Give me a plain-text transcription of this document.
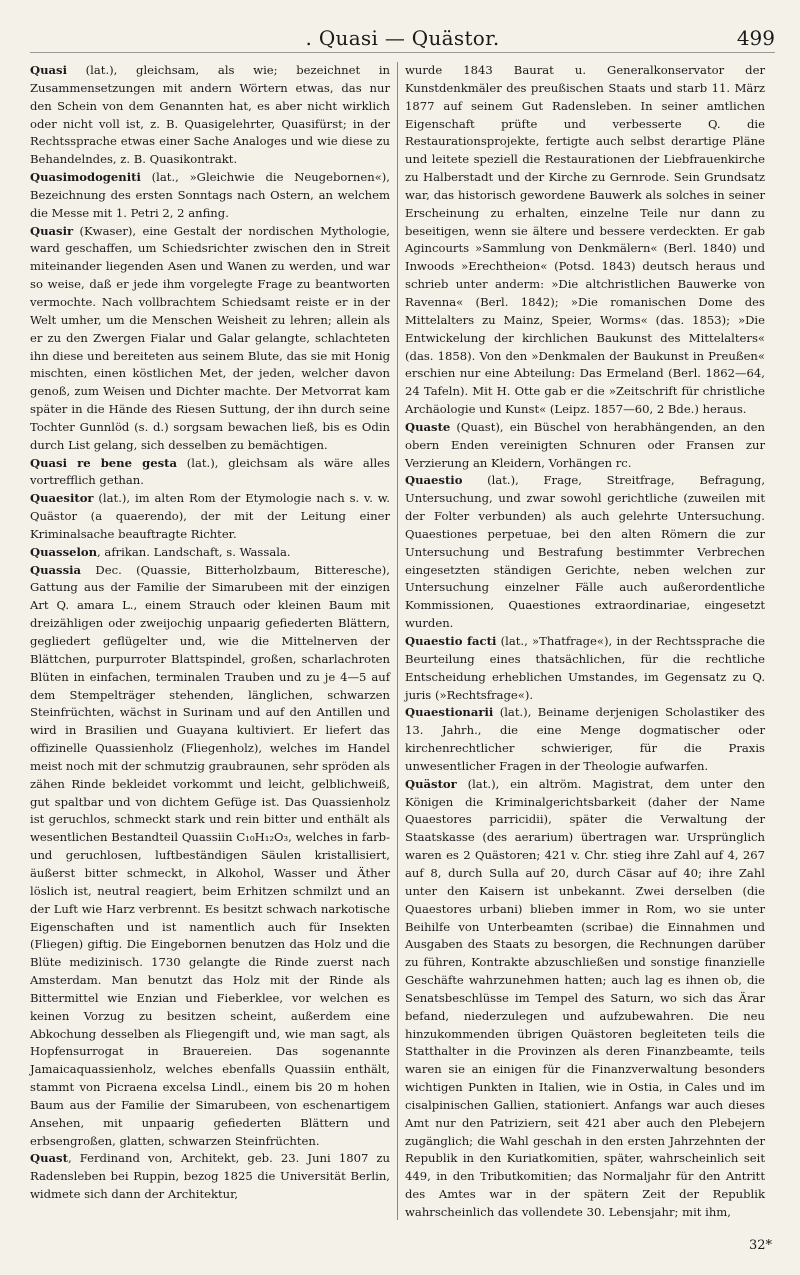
. Quasi — Quästor.	499

Quasi (lat.), gleichsam, als wie; bezeichnet in Zusammensetzungen mit andern Wörtern etwas, das nur den Schein von dem Genannten hat, es aber nicht wirklich oder nicht voll ist, z. B. Quasigelehrter, Quasifürst; in der Rechtssprache etwas einer Sache Analoges und wie diese zu Behandelndes, z. B. Quasikontrakt.

Quasimodogeniti (lat., »Gleichwie die Neugebornen«), Bezeichnung des ersten Sonntags nach Ostern, an welchem die Messe mit 1. Petri 2, 2 anfing.

Quasir (Kwaser), eine Gestalt der nordischen Mythologie, ward geschaffen, um Schiedsrichter zwischen den in Streit miteinander liegenden Asen und Wanen zu werden, und war so weise, daß er jede ihm vorgelegte Frage zu beantworten vermochte. Nach vollbrachtem Schiedsamt reiste er in der Welt umher, um die Menschen Weisheit zu lehren; allein als er zu den Zwergen Fialar und Galar gelangte, schlachteten ihn diese und bereiteten aus seinem Blute, das sie mit Honig mischten, einen köstlichen Met, der jeden, welcher davon genoß, zum Weisen und Dichter machte. Der Metvorrat kam später in die Hände des Riesen Suttung, der ihn durch seine Tochter Gunnlöd (s. d.) sorgsam bewachen ließ, bis es Odin durch List gelang, sich desselben zu bemächtigen.

Quasi re bene gesta (lat.), gleichsam als wäre alles vortrefflich gethan.

Quaesitor (lat.), im alten Rom der Etymologie nach s. v. w. Quästor (a quaerendo), der mit der Leitung einer Kriminalsache beauftragte Richter.

Quasselon, afrikan. Landschaft, s. Wassala.

Quassia Dec. (Quassie, Bitterholzbaum, Bitteresche), Gattung aus der Familie der Simarubeen mit der einzigen Art Q. amara L., einem Strauch oder kleinen Baum mit dreizähligen oder zweijochig unpaarig gefiederten Blättern, gegliedert geflügelter und, wie die Mittelnerven der Blättchen, purpurroter Blattspindel, großen, scharlachroten Blüten in einfachen, terminalen Trauben und zu je 4—5 auf dem Stempelträger stehenden, länglichen, schwarzen Steinfrüchten, wächst in Surinam und auf den Antillen und wird in Brasilien und Guayana kultiviert. Er liefert das offizinelle Quassienholz (Fliegenholz), welches im Handel meist noch mit der schmutzig graubraunen, sehr spröden als zähen Rinde bekleidet vorkommt und leicht, gelblichweiß, gut spaltbar und von dichtem Gefüge ist. Das Quassienholz ist geruchlos, schmeckt stark und rein bitter und enthält als wesentlichen Bestandteil Quassiin C₁₀H₁₂O₃, welches in farb- und geruchlosen, luftbeständigen Säulen kristallisiert, äußerst bitter schmeckt, in Alkohol, Wasser und Äther löslich ist, neutral reagiert, beim Erhitzen schmilzt und an der Luft wie Harz verbrennt. Es besitzt schwach narkotische Eigenschaften und ist namentlich auch für Insekten (Fliegen) giftig. Die Eingebornen benutzen das Holz und die Blüte medizinisch. 1730 gelangte die Rinde zuerst nach Amsterdam. Man benutzt das Holz mit der Rinde als Bittermittel wie Enzian und Fieberklee, vor welchen es keinen Vorzug zu besitzen scheint, außerdem eine Abkochung desselben als Fliegengift und, wie man sagt, als Hopfensurrogat in Brauereien. Das sogenannte Jamaicaquassienholz, welches ebenfalls Quassiin enthält, stammt von Picraena excelsa Lindl., einem bis 20 m hohen Baum aus der Familie der Simarubeen, von eschenartigem Ansehen, mit unpaarig gefiederten Blättern und erbsengroßen, glatten, schwarzen Steinfrüchten.

Quast, Ferdinand von, Architekt, geb. 23. Juni 1807 zu Radensleben bei Ruppin, bezog 1825 die Universität Berlin, widmete sich dann der Architektur,

wurde 1843 Baurat u. Generalkonservator der Kunstdenkmäler des preußischen Staats und starb 11. März 1877 auf seinem Gut Radensleben. In seiner amtlichen Eigenschaft prüfte und verbesserte Q. die Restaurationsprojekte, fertigte auch selbst derartige Pläne und leitete speziell die Restaurationen der Liebfrauenkirche zu Halberstadt und der Kirche zu Gernrode. Sein Grundsatz war, das historisch gewordene Bauwerk als solches in seiner Erscheinung zu erhalten, einzelne Teile nur dann zu beseitigen, wenn sie ältere und bessere verdeckten. Er gab Agincourts »Sammlung von Denkmälern« (Berl. 1840) und Inwoods »Erechtheion« (Potsd. 1843) deutsch heraus und schrieb unter anderm: »Die altchristlichen Bauwerke von Ravenna« (Berl. 1842); »Die romanischen Dome des Mittelalters zu Mainz, Speier, Worms« (das. 1853); »Die Entwickelung der kirchlichen Baukunst des Mittelalters« (das. 1858). Von den »Denkmalen der Baukunst in Preußen« erschien nur eine Abteilung: Das Ermeland (Berl. 1862—64, 24 Tafeln). Mit H. Otte gab er die »Zeitschrift für christliche Archäologie und Kunst« (Leipz. 1857—60, 2 Bde.) heraus.

Quaste (Quast), ein Büschel von herabhängenden, an den obern Enden vereinigten Schnuren oder Fransen zur Verzierung an Kleidern, Vorhängen rc.

Quaestio (lat.), Frage, Streitfrage, Befragung, Untersuchung, und zwar sowohl gerichtliche (zuweilen mit der Folter verbunden) als auch gelehrte Untersuchung. Quaestiones perpetuae, bei den alten Römern die zur Untersuchung und Bestrafung bestimmter Verbrechen eingesetzten ständigen Gerichte, neben welchen zur Untersuchung einzelner Fälle auch außerordentliche Kommissionen, Quaestiones extraordinariae, eingesetzt wurden.

Quaestio facti (lat., »Thatfrage«), in der Rechtssprache die Beurteilung eines thatsächlichen, für die rechtliche Entscheidung erheblichen Umstandes, im Gegensatz zu Q. juris (»Rechtsfrage«).

Quaestionarii (lat.), Beiname derjenigen Scholastiker des 13. Jahrh., die eine Menge dogmatischer oder kirchenrechtlicher schwieriger, für die Praxis unwesentlicher Fragen in der Theologie aufwarfen.

Quästor (lat.), ein altröm. Magistrat, dem unter den Königen die Kriminalgerichtsbarkeit (daher der Name Quaestores parricidii), später die Verwaltung der Staatskasse (des aerarium) übertragen war. Ursprünglich waren es 2 Quästoren; 421 v. Chr. stieg ihre Zahl auf 4, 267 auf 8, durch Sulla auf 20, durch Cäsar auf 40; ihre Zahl unter den Kaisern ist unbekannt. Zwei derselben (die Quaestores urbani) blieben immer in Rom, wo sie unter Beihilfe von Unterbeamten (scribae) die Einnahmen und Ausgaben des Staats zu besorgen, die Rechnungen darüber zu führen, Kontrakte abzuschließen und sonstige finanzielle Geschäfte wahrzunehmen hatten; auch lag es ihnen ob, die Senatsbeschlüsse im Tempel des Saturn, wo sich das Ärar befand, niederzulegen und aufzubewahren. Die neu hinzukommenden übrigen Quästoren begleiteten teils die Statthalter in die Provinzen als deren Finanzbeamte, teils waren sie an einigen für die Finanzverwaltung besonders wichtigen Punkten in Italien, wie in Ostia, in Cales und im cisalpinischen Gallien, stationiert. Anfangs war auch dieses Amt nur den Patriziern, seit 421 aber auch den Plebejern zugänglich; die Wahl geschah in den ersten Jahrzehnten der Republik in den Kuriatkomitien, später, wahrscheinlich seit 449, in den Tributkomitien; das Normaljahr für den Antritt des Amtes war in der spätern Zeit der Republik wahrscheinlich das vollendete 30. Lebensjahr; mit ihm,

32*
